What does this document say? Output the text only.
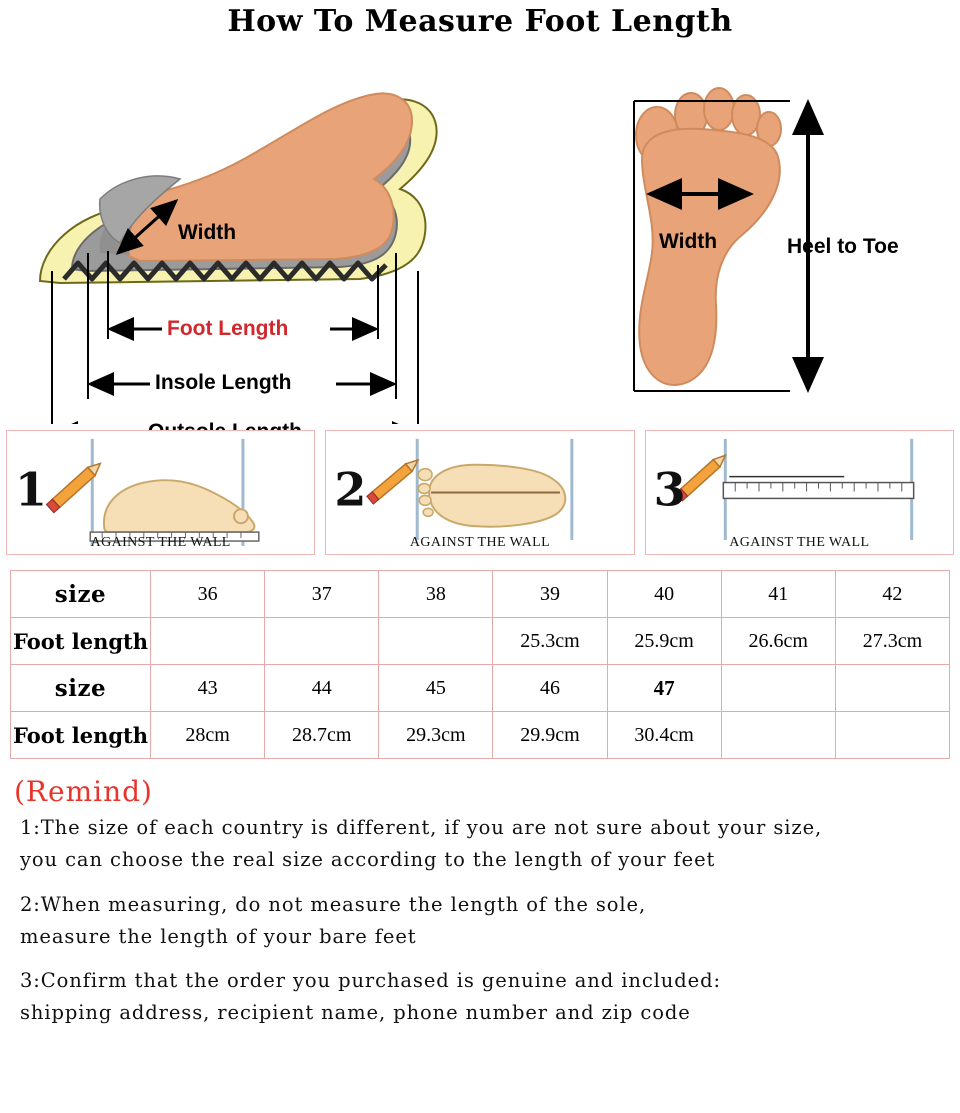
How To Measure Foot Length
Width
Foot Length
Insole Length
Width	Heel to Toe
1
AGAINST THE WALL
2
AGAINST THE WALL
3
AGAINST THE WALL
size	36	37	38	39	40	41	42
Foot length				25.3cm	25.9cm	26.6cm	27.3cm
size	43	44	45	46	47		
Foot length	28cm	28.7cm	29.3cm	29.9cm	30.4cm		
(Remind)

1:The size of each country is different, if you are not sure about your size,

you can choose the real size according to the length of your feet

2:When measuring, do not measure the length of the sole,

measure the length of your bare feet

3:Confirm that the order you purchased is genuine and included:

shipping address, recipient name, phone number and zip code
